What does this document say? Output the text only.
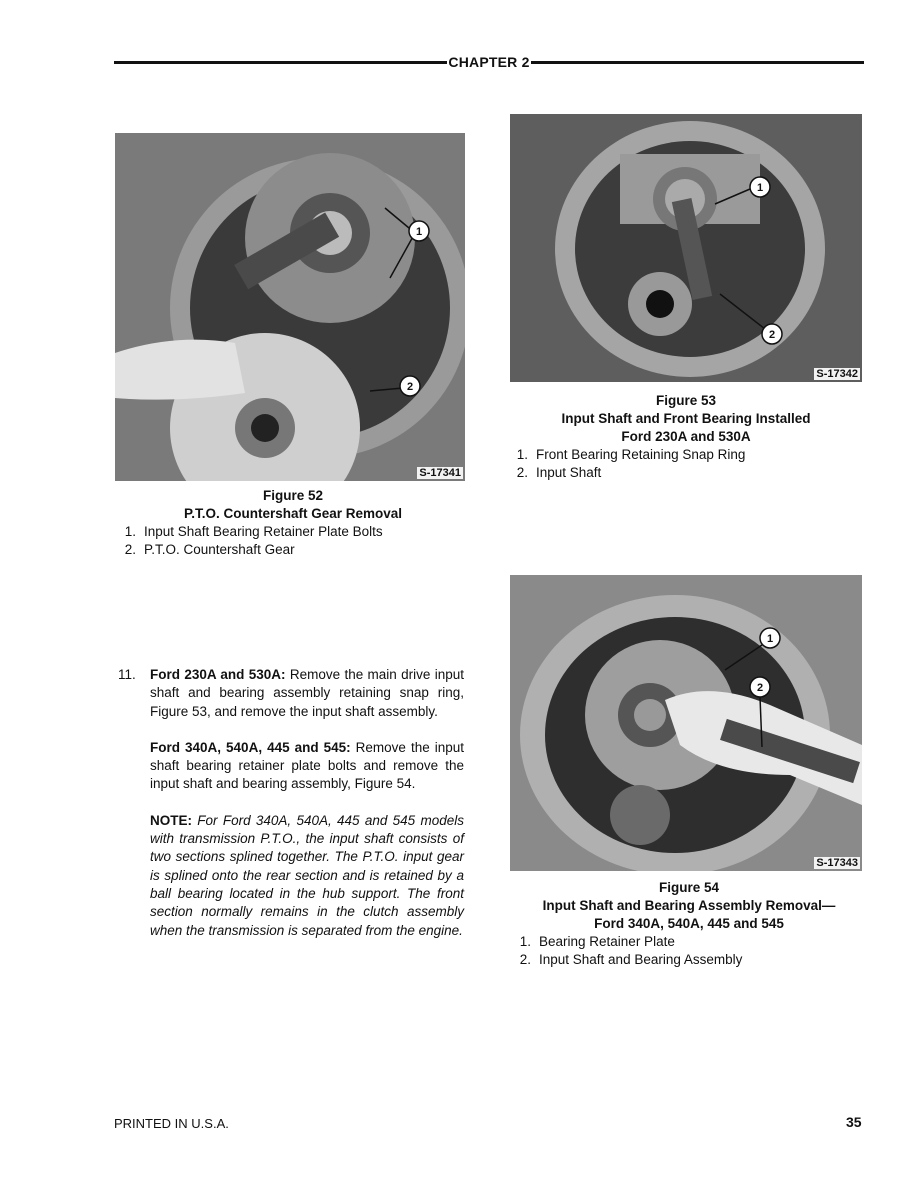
CHAPTER 2
1
2
S-17341
Figure 52
P.T.O. Countershaft Gear Removal
1. Input Shaft Bearing Retainer Plate Bolts
2. P.T.O. Countershaft Gear
1
2
S-17342
Figure 53
Input Shaft and Front Bearing Installed
Ford 230A and 530A
1. Front Bearing Retaining Snap Ring
2. Input Shaft
11.	Ford 230A and 530A: Remove the main drive input shaft and bearing assembly retaining snap ring, Figure 53, and remove the input shaft assembly.
Ford 340A, 540A, 445 and 545: Remove the input shaft bearing retainer plate bolts and remove the input shaft and bearing assembly, Figure 54.
NOTE: For Ford 340A, 540A, 445 and 545 models with transmission P.T.O., the input shaft consists of two sections splined together. The P.T.O. input gear is splined onto the rear section and is retained by a ball bearing located in the hub support. The front section normally remains in the clutch assembly when the transmission is separated from the engine.
1
2
S-17343
Figure 54
Input Shaft and Bearing Assembly Removal—
Ford 340A, 540A, 445 and 545
1. Bearing Retainer Plate
2. Input Shaft and Bearing Assembly
PRINTED IN U.S.A.	35
